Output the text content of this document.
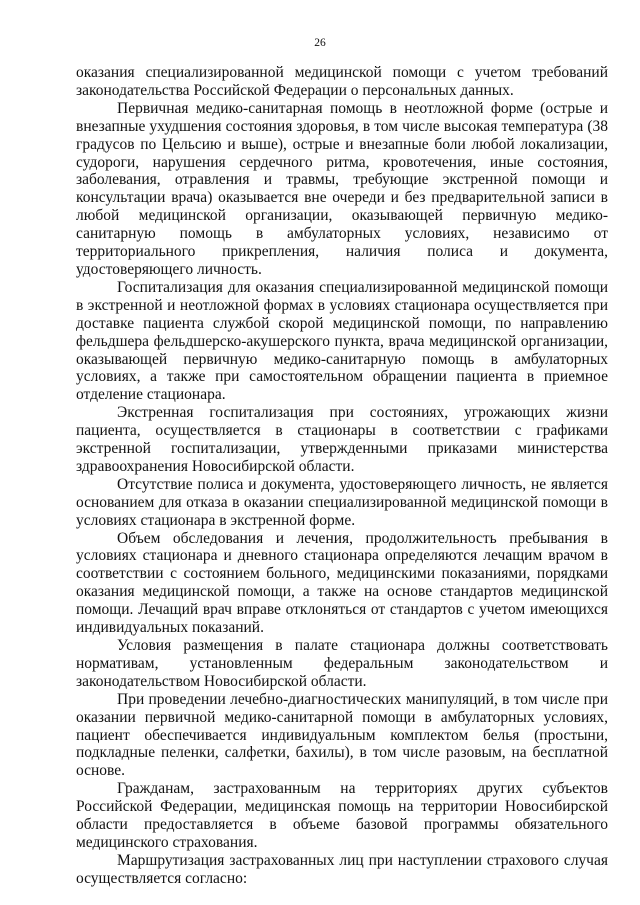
26

оказания специализированной медицинской помощи с учетом требований законодательства Российской Федерации о персональных данных.

Первичная медико-санитарная помощь в неотложной форме (острые и внезапные ухудшения состояния здоровья, в том числе высокая температура (38 градусов по Цельсию и выше), острые и внезапные боли любой локализации, судороги, нарушения сердечного ритма, кровотечения, иные состояния, заболевания, отравления и травмы, требующие экстренной помощи и консультации врача) оказывается вне очереди и без предварительной записи в любой медицинской организации, оказывающей первичную медико-санитарную помощь в амбулаторных условиях, независимо от территориального прикрепления, наличия полиса и документа, удостоверяющего личность.

Госпитализация для оказания специализированной медицинской помощи в экстренной и неотложной формах в условиях стационара осуществляется при доставке пациента службой скорой медицинской помощи, по направлению фельдшера фельдшерско-акушерского пункта, врача медицинской организации, оказывающей первичную медико-санитарную помощь в амбулаторных условиях, а также при самостоятельном обращении пациента в приемное отделение стационара.

Экстренная госпитализация при состояниях, угрожающих жизни пациента, осуществляется в стационары в соответствии с графиками экстренной госпитализации, утвержденными приказами министерства здравоохранения Новосибирской области.

Отсутствие полиса и документа, удостоверяющего личность, не является основанием для отказа в оказании специализированной медицинской помощи в условиях стационара в экстренной форме.

Объем обследования и лечения, продолжительность пребывания в условиях стационара и дневного стационара определяются лечащим врачом в соответствии с состоянием больного, медицинскими показаниями, порядками оказания медицинской помощи, а также на основе стандартов медицинской помощи. Лечащий врач вправе отклоняться от стандартов с учетом имеющихся индивидуальных показаний.

Условия размещения в палате стационара должны соответствовать нормативам, установленным федеральным законодательством и законодательством Новосибирской области.

При проведении лечебно-диагностических манипуляций, в том числе при оказании первичной медико-санитарной помощи в амбулаторных условиях, пациент обеспечивается индивидуальным комплектом белья (простыни, подкладные пеленки, салфетки, бахилы), в том числе разовым, на бесплатной основе.

Гражданам, застрахованным на территориях других субъектов Российской Федерации, медицинская помощь на территории Новосибирской области предоставляется в объеме базовой программы обязательного медицинского страхования.

Маршрутизация застрахованных лиц при наступлении страхового случая осуществляется согласно:
